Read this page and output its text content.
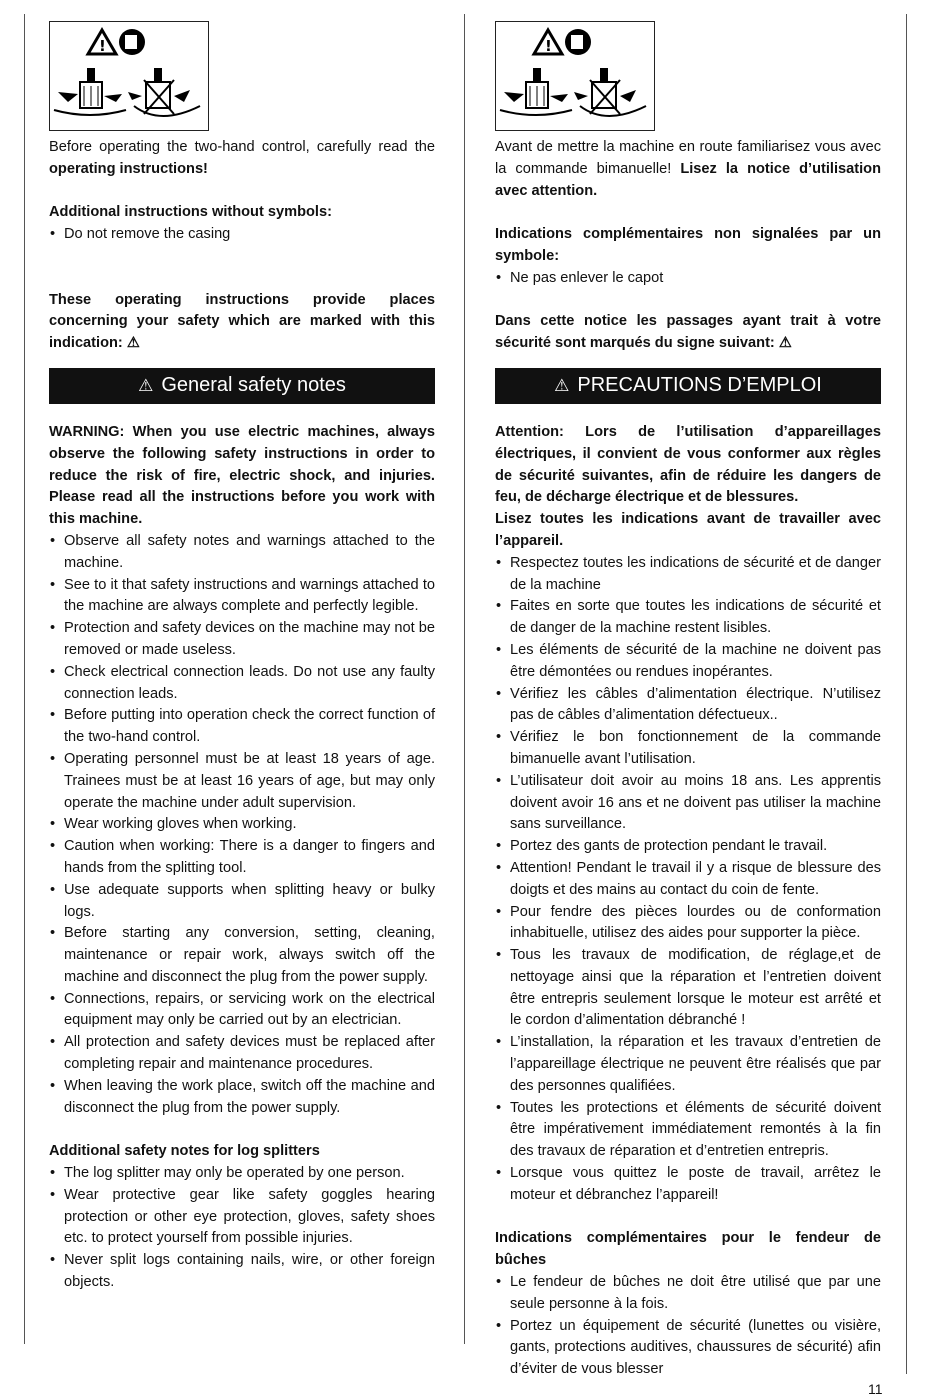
!

Before operating the two-hand control, carefully read the operating instructions!

Additional instructions without symbols:

• Do not remove the casing

These operating instructions provide places concerning your safety which are marked with this indication: ⚠

⚠ General safety notes

WARNING: When you use electric machines, always observe the following safety instructions in order to reduce the risk of fire, electric shock, and injuries. Please read all the instructions before you work with this machine.

• Observe all safety notes and warnings attached to the machine.
• See to it that safety instructions and warnings attached to the machine are always complete and perfectly legible.
• Protection and safety devices on the machine may not be removed or made useless.
• Check electrical connection leads. Do not use any faulty connection leads.
• Before putting into operation check the correct function of the two-hand control.
• Operating personnel must be at least 18 years of age. Trainees must be at least 16 years of age, but may only operate the machine under adult supervision.
• Wear working gloves when working.
• Caution when working: There is a danger to fingers and hands from the splitting tool.
• Use adequate supports when splitting heavy or bulky logs.
• Before starting any conversion, setting, cleaning, maintenance or repair work, always switch off the machine and disconnect the plug from the power supply.
• Connections, repairs, or servicing work on the electrical equipment may only be carried out by an electrician.
• All protection and safety devices must be replaced after completing repair and maintenance procedures.
• When leaving the work place, switch off the machine and disconnect the plug from the power supply.

Additional safety notes for log splitters

• The log splitter may only be operated by one person.
• Wear protective gear like safety goggles hearing protection or other eye protection, gloves, safety shoes etc. to protect yourself from possible injuries.
• Never split logs containing nails, wire, or other foreign objects.
!

Avant de mettre la machine en route familiarisez vous avec la commande bimanuelle! Lisez la notice d’utilisation avec attention.

Indications complémentaires non signalées par un symbole:

• Ne pas enlever le capot

Dans cette notice les passages ayant trait à votre sécurité sont marqués du signe suivant: ⚠

⚠ PRECAUTIONS D’EMPLOI

Attention: Lors de l’utilisation d’appareillages électriques, il convient de vous conformer aux règles de sécurité suivantes, afin de réduire les dangers de feu, de décharge électrique et de blessures.

Lisez toutes les indications avant de travailler avec l’appareil.

• Respectez toutes les indications de sécurité et de danger de la machine
• Faites en sorte que toutes les indications de sécurité et de danger de la machine restent lisibles.
• Les éléments de sécurité de la machine ne doivent pas être démontées ou rendues inopérantes.
• Vérifiez les câbles d’alimentation électrique. N’utilisez pas de câbles d’alimentation défectueux..
• Vérifiez le bon fonctionnement de la commande bimanuelle avant l’utilisation.
• L’utilisateur doit avoir au moins 18 ans. Les apprentis doivent avoir 16 ans et ne doivent pas utiliser la machine sans surveillance.
• Portez des gants de protection pendant le travail.
• Attention! Pendant le travail il y a risque de blessure des doigts et des mains au contact du coin de fente.
• Pour fendre des pièces lourdes ou de conformation inhabituelle, utilisez des aides pour supporter la pièce.
• Tous les travaux de modification, de réglage,et de nettoyage ainsi que la réparation et l’entretien doivent être entrepris seulement lorsque le moteur est arrêté et le cordon d’alimentation débranché !
• L’installation, la réparation et les travaux d’entretien de l’appareillage électrique ne peuvent être réalisés que par des personnes qualifiées.
• Toutes les protections et éléments de sécurité doivent être impérativement immédiatement remontés à la fin des travaux de réparation et d’entretien entrepris.
• Lorsque vous quittez le poste de travail, arrêtez le moteur et débranchez l’appareil!

Indications complémentaires pour le fendeur de bûches

• Le fendeur de bûches ne doit être utilisé que par une seule personne à la fois.
• Portez un équipement de sécurité (lunettes ou visière, gants, protections auditives, chaussures de sécurité) afin d’éviter de vous blesser
11
